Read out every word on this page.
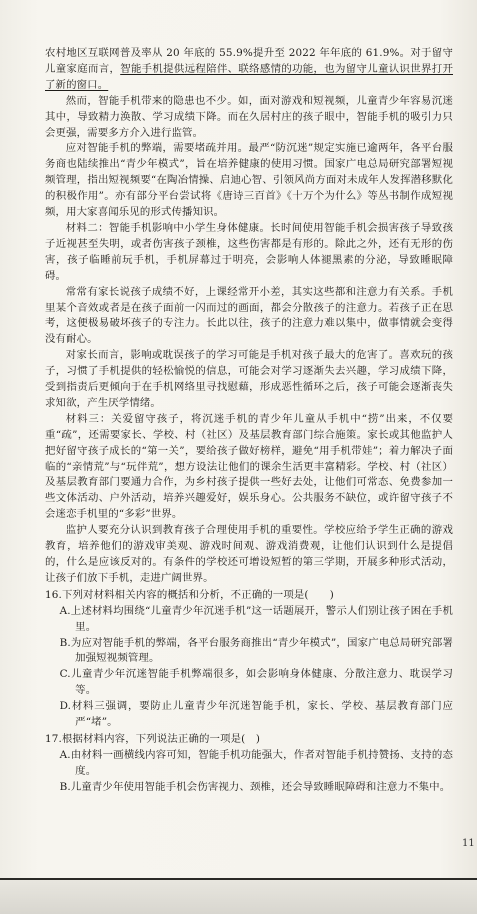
农村地区互联网普及率从 20 年底的 55.9%提升至 2022 年年底的 61.9%。对于留守儿童家庭而言，智能手机提供远程陪伴、联络感情的功能，也为留守儿童认识世界打开了新的窗口。

然而，智能手机带来的隐患也不少。如，面对游戏和短视频，儿童青少年容易沉迷其中，导致精力涣散、学习成绩下降。而在久居村庄的孩子眼中，智能手机的吸引力只会更强，需要多方介入进行监管。

应对智能手机的弊端，需要堵疏并用。最严“防沉迷”规定实施已逾两年，各平台服务商也陆续推出“青少年模式”，旨在培养健康的使用习惯。国家广电总局研究部署短视频管理，指出短视频要“在陶冶情操、启迪心智、引领风尚方面对未成年人发挥潜移默化的积极作用”。亦有部分平台尝试将《唐诗三百首》《十万个为什么》等丛书制作成短视频，用大家喜闻乐见的形式传播知识。

材料二：智能手机影响中小学生身体健康。长时间使用智能手机会损害孩子导致孩子近视甚至失明，或者伤害孩子颈椎，这些伤害都是有形的。除此之外，还有无形的伤害，孩子临睡前玩手机，手机屏幕过于明亮，会影响人体褪黑素的分泌，导致睡眠障碍。

常常有家长说孩子成绩不好，上课经常开小差，其实这些都和注意力有关系。手机里某个音效或者是在孩子面前一闪而过的画面，都会分散孩子的注意力。若孩子正在思考，这便极易破坏孩子的专注力。长此以往，孩子的注意力难以集中，做事情就会变得没有耐心。

对家长而言，影响或耽误孩子的学习可能是手机对孩子最大的危害了。喜欢玩的孩子，习惯了手机提供的轻松愉悦的信息，可能会对学习逐渐失去兴趣，学习成绩下降，受到指责后更倾向于在手机网络里寻找慰藉，形成恶性循环之后，孩子可能会逐渐丧失求知欲，产生厌学情绪。

材料三：关爱留守孩子，将沉迷手机的青少年儿童从手机中“捞”出来，不仅要重“疏”，还需要家长、学校、村（社区）及基层教育部门综合施策。家长或其他监护人把好留守孩子成长的“第一关”，要给孩子做好榜样，避免“用手机带娃”；着力解决子面临的“亲情荒”与“玩伴荒”，想方设法让他们的课余生活更丰富精彩。学校、村（社区）及基层教育部门要通力合作，为乡村孩子提供一些好去处，让他们可常态、免费参加一些文体活动、户外活动，培养兴趣爱好，娱乐身心。公共服务不缺位，或许留守孩子不会迷恋手机里的“多彩”世界。

监护人要充分认识到教育孩子合理使用手机的重要性。学校应给予学生正确的游戏教育，培养他们的游戏审美观、游戏时间观、游戏消费观，让他们认识到什么是提倡的，什么是应该反对的。有条件的学校还可增设短暂的第三学期，开展多种形式活动，让孩子们放下手机，走进广阔世界。

16.下列对材料相关内容的概括和分析，不正确的一项是(　　)

A.上述材料均围绕“儿童青少年沉迷手机”这一话题展开，警示人们别让孩子困在手机里。

B.为应对智能手机的弊端，各平台服务商推出“青少年模式”，国家广电总局研究部署加强短视频管理。

C.儿童青少年沉迷智能手机弊端很多，如会影响身体健康、分散注意力、耽误学习等。

D.材料三强调，要防止儿童青少年沉迷智能手机，家长、学校、基层教育部门应严“堵”。

17.根据材料内容，下列说法正确的一项是(　)

A.由材料一画横线内容可知，智能手机功能强大，作者对智能手机持赞扬、支持的态度。

B.儿童青少年使用智能手机会伤害视力、颈椎，还会导致睡眠障碍和注意力不集中。

11
